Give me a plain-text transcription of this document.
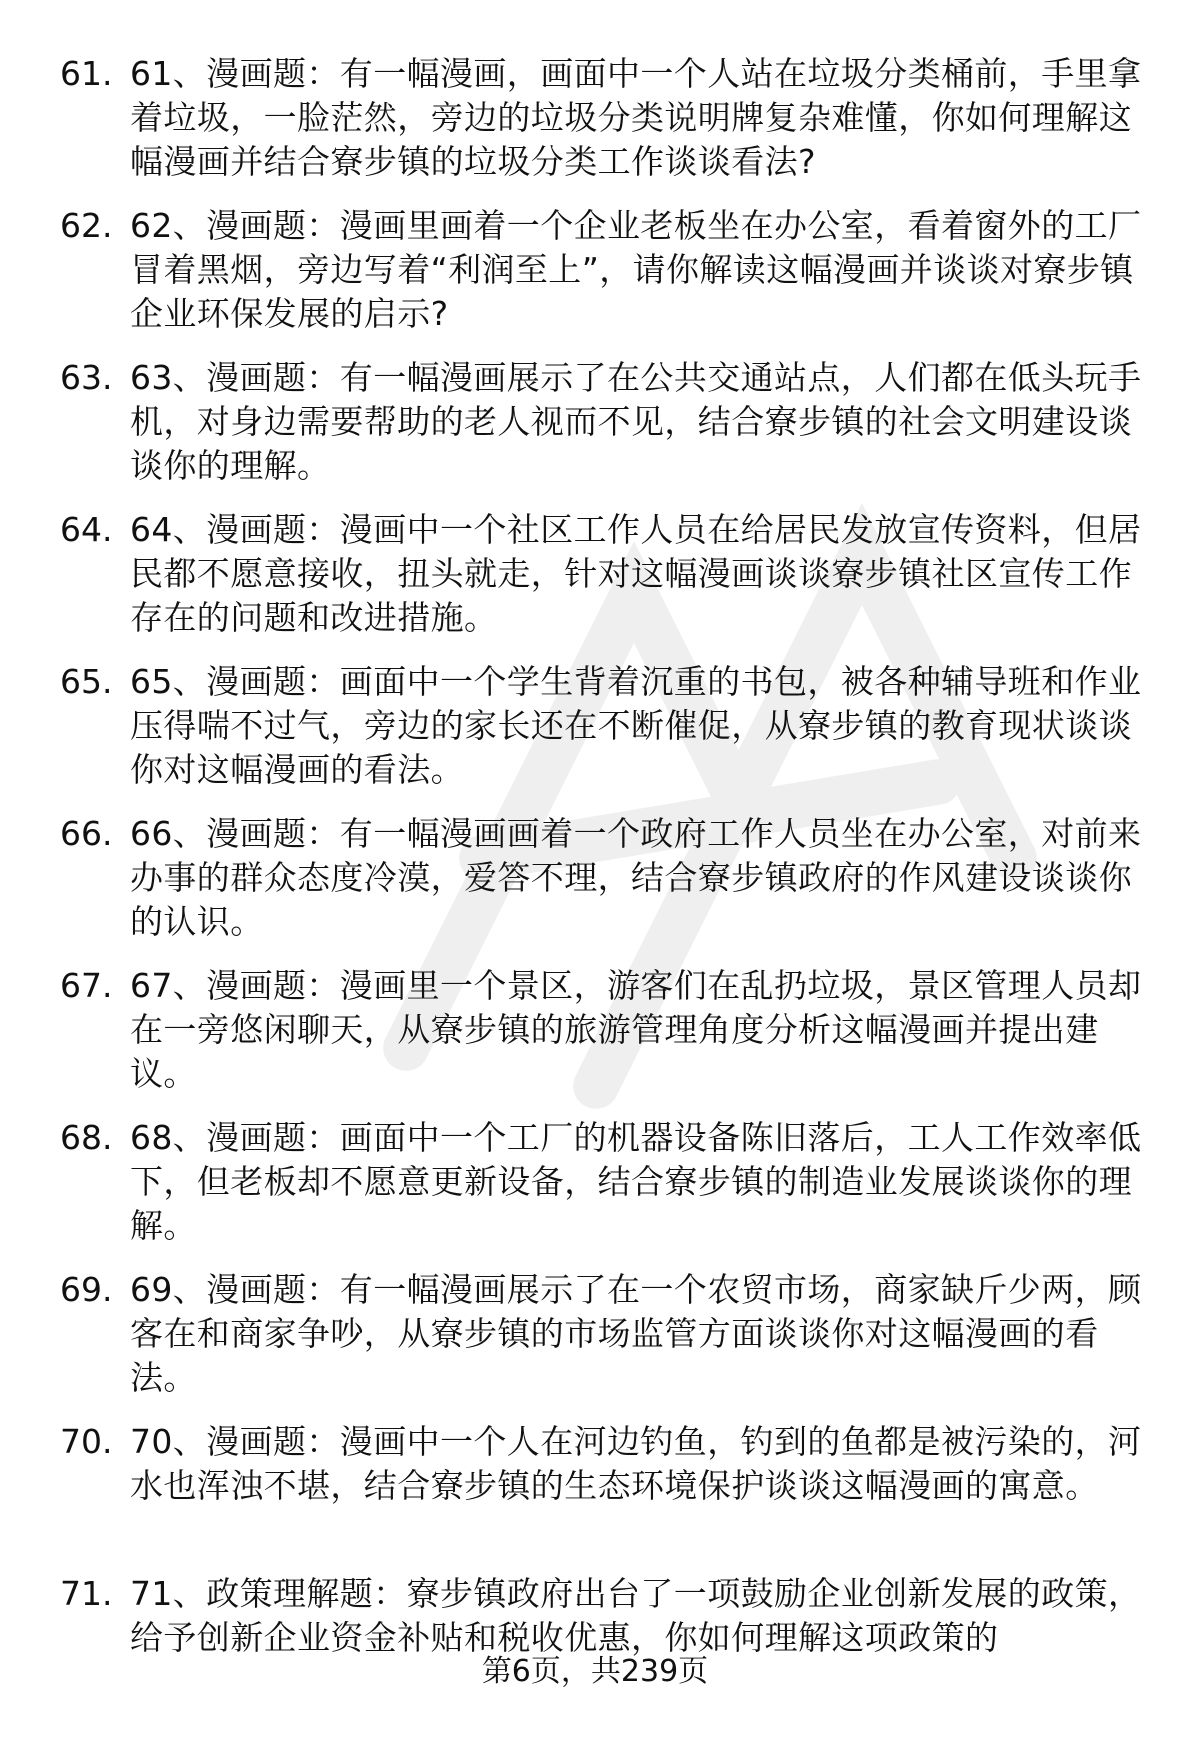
61. 61、漫画题：有一幅漫画，画面中一个人站在垃圾分类桶前，手里拿着垃圾，一脸茫然，旁边的垃圾分类说明牌复杂难懂，你如何理解这幅漫画并结合寮步镇的垃圾分类工作谈谈看法?
62. 62、漫画题：漫画里画着一个企业老板坐在办公室，看着窗外的工厂冒着黑烟，旁边写着“利润至上”，请你解读这幅漫画并谈谈对寮步镇企业环保发展的启示?
63. 63、漫画题：有一幅漫画展示了在公共交通站点，人们都在低头玩手机，对身边需要帮助的老人视而不见，结合寮步镇的社会文明建设谈谈你的理解。
64. 64、漫画题：漫画中一个社区工作人员在给居民发放宣传资料，但居民都不愿意接收，扭头就走，针对这幅漫画谈谈寮步镇社区宣传工作存在的问题和改进措施。
65. 65、漫画题：画面中一个学生背着沉重的书包，被各种辅导班和作业压得喘不过气，旁边的家长还在不断催促，从寮步镇的教育现状谈谈你对这幅漫画的看法。
66. 66、漫画题：有一幅漫画画着一个政府工作人员坐在办公室，对前来办事的群众态度冷漠，爱答不理，结合寮步镇政府的作风建设谈谈你的认识。
67. 67、漫画题：漫画里一个景区，游客们在乱扔垃圾，景区管理人员却在一旁悠闲聊天，从寮步镇的旅游管理角度分析这幅漫画并提出建议。
68. 68、漫画题：画面中一个工厂的机器设备陈旧落后，工人工作效率低下，但老板却不愿意更新设备，结合寮步镇的制造业发展谈谈你的理解。
69. 69、漫画题：有一幅漫画展示了在一个农贸市场，商家缺斤少两，顾客在和商家争吵，从寮步镇的市场监管方面谈谈你对这幅漫画的看法。
70. 70、漫画题：漫画中一个人在河边钓鱼，钓到的鱼都是被污染的，河水也浑浊不堪，结合寮步镇的生态环境保护谈谈这幅漫画的寓意。
71. 71、政策理解题：寮步镇政府出台了一项鼓励企业创新发展的政策，给予创新企业资金补贴和税收优惠，你如何理解这项政策的
第6页，共239页
